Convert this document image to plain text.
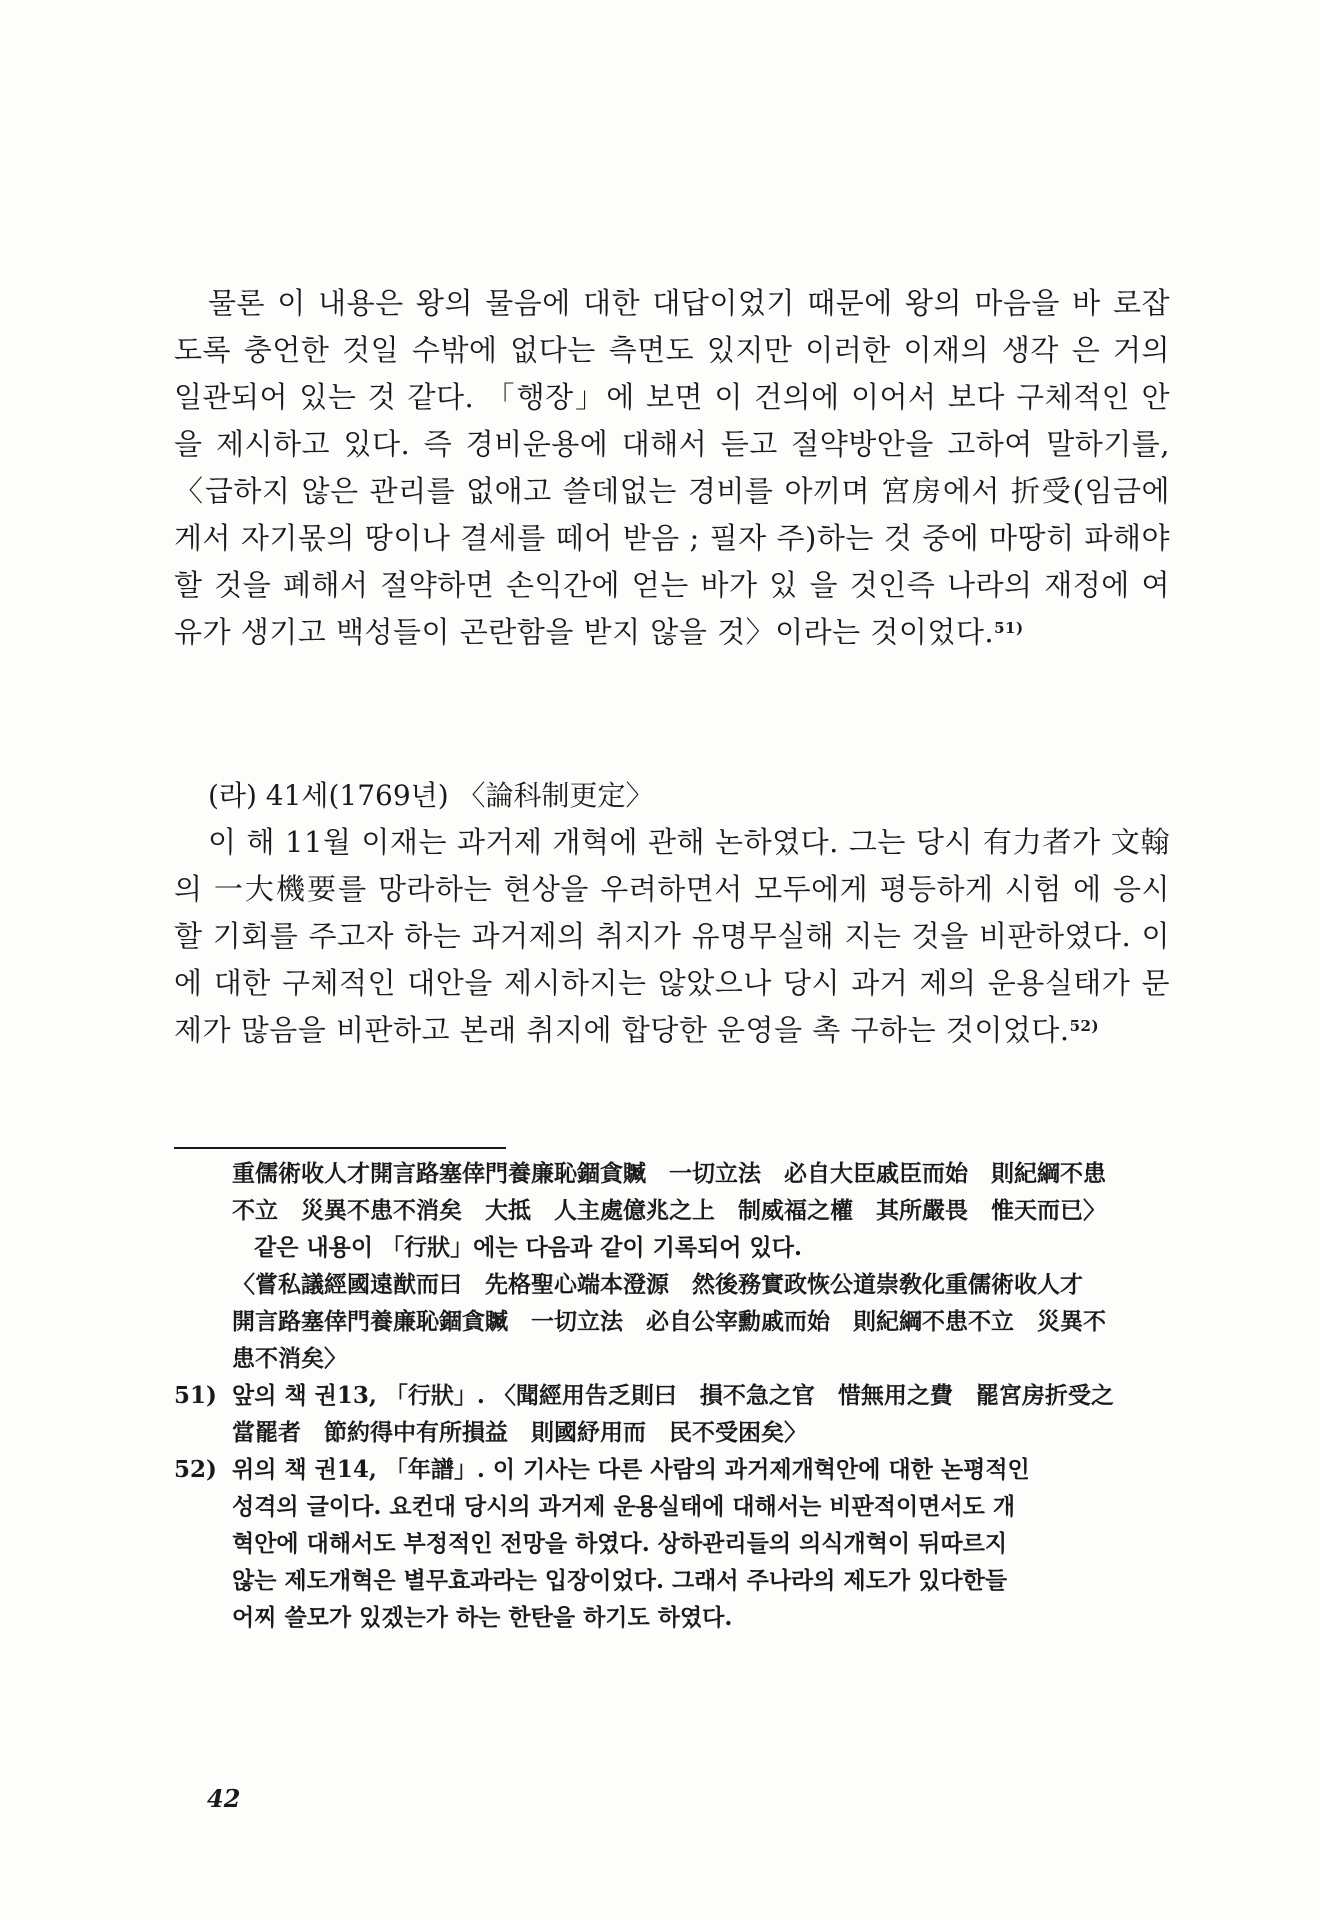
물론 이 내용은 왕의 물음에 대한 대답이었기 때문에 왕의 마음을 바 로잡도록 충언한 것일 수밖에 없다는 측면도 있지만 이러한 이재의 생각 은 거의 일관되어 있는 것 같다. 「행장」에 보면 이 건의에 이어서 보다 구체적인 안을 제시하고 있다. 즉 경비운용에 대해서 듣고 절약방안을 고하여 말하기를, 〈급하지 않은 관리를 없애고 쓸데없는 경비를 아끼며 宮房에서 折受(임금에게서 자기몫의 땅이나 결세를 떼어 받음 ; 필자 주)하는 것 중에 마땅히 파해야 할 것을 폐해서 절약하면 손익간에 얻는 바가 있 을 것인즉 나라의 재정에 여유가 생기고 백성들이 곤란함을 받지 않을 것〉이라는 것이었다.$^{51)}$

(라) 41세(1769년) 〈論科制更定〉

이 해 11월 이재는 과거제 개혁에 관해 논하였다. 그는 당시 有力者가 文翰의 一大機要를 망라하는 현상을 우려하면서 모두에게 평등하게 시험 에 응시할 기회를 주고자 하는 과거제의 취지가 유명무실해 지는 것을 비판하였다. 이에 대한 구체적인 대안을 제시하지는 않았으나 당시 과거 제의 운용실태가 문제가 많음을 비판하고 본래 취지에 합당한 운영을 촉 구하는 것이었다.$^{52)}$

重儒術收人才開言路塞倖門養廉恥錮貪贓　一切立法　必自大臣戚臣而始　則紀綱不患
不立　災異不患不消矣　大抵　人主處億兆之上　制威福之權　其所嚴畏　惟天而已〉

같은 내용이 「行狀」에는 다음과 같이 기록되어 있다.

〈嘗私議經國遠猷而曰　先格聖心端本澄源　然後務實政恢公道崇敎化重儒術收人才
開言路塞倖門養廉恥錮貪贓　一切立法　必自公宰勳戚而始　則紀綱不患不立　災異不
患不消矣〉

51) 앞의 책 권13, 「行狀」. 〈聞經用告乏則曰　損不急之官　惜無用之費　罷宮房折受之
當罷者　節約得中有所損益　則國紓用而　民不受困矣〉

52) 위의 책 권14, 「年譜」. 이 기사는 다른 사람의 과거제개혁안에 대한 논평적인
성격의 글이다. 요컨대 당시의 과거제 운용실태에 대해서는 비판적이면서도 개
혁안에 대해서도 부정적인 전망을 하였다. 상하관리들의 의식개혁이 뒤따르지
않는 제도개혁은 별무효과라는 입장이었다. 그래서 주나라의 제도가 있다한들
어찌 쓸모가 있겠는가 하는 한탄을 하기도 하였다.

42
